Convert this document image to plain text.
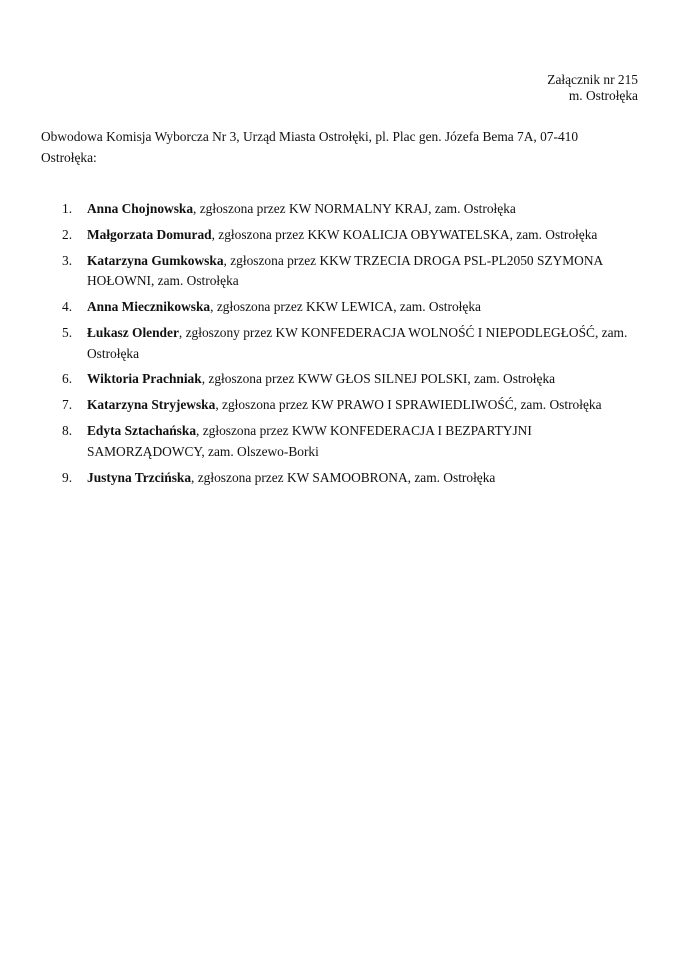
Załącznik nr 215
m. Ostrołęka
Obwodowa Komisja Wyborcza Nr 3, Urząd Miasta Ostrołęki, pl. Plac gen. Józefa Bema 7A, 07-410 Ostrołęka:
1. Anna Chojnowska, zgłoszona przez KW NORMALNY KRAJ, zam. Ostrołęka
2. Małgorzata Domurad, zgłoszona przez KKW KOALICJA OBYWATELSKA, zam. Ostrołęka
3. Katarzyna Gumkowska, zgłoszona przez KKW TRZECIA DROGA PSL-PL2050 SZYMONA HOŁOWNI, zam. Ostrołęka
4. Anna Miecznikowska, zgłoszona przez KKW LEWICA, zam. Ostrołęka
5. Łukasz Olender, zgłoszony przez KW KONFEDERACJA WOLNOŚĆ I NIEPODLEGŁOŚĆ, zam. Ostrołęka
6. Wiktoria Prachniak, zgłoszona przez KWW GŁOS SILNEJ POLSKI, zam. Ostrołęka
7. Katarzyna Stryjewska, zgłoszona przez KW PRAWO I SPRAWIEDLIWOŚĆ, zam. Ostrołęka
8. Edyta Sztachańska, zgłoszona przez KWW KONFEDERACJA I BEZPARTYJNI SAMORZĄDOWCY, zam. Olszewo-Borki
9. Justyna Trzcińska, zgłoszona przez KW SAMOOBRONA, zam. Ostrołęka
